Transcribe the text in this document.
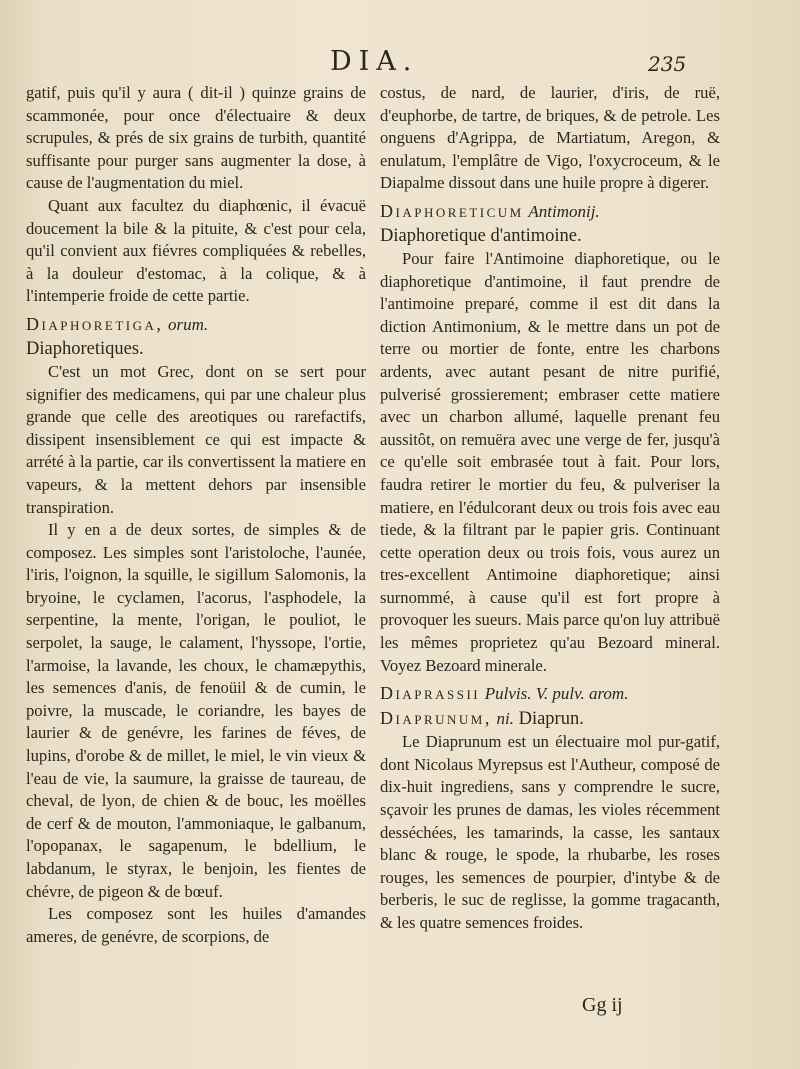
DIA.	235

gatif, puis qu'il y aura ( dit-il ) quinze grains de scammonée, pour once d'électuaire & deux scrupules, & prés de six grains de turbith, quantité suffisante pour purger sans augmenter la dose, à cause de l'augmentation du miel.

Quant aux facultez du diaphœnic, il évacuë doucement la bile & la pituite, & c'est pour cela, qu'il convient aux fiévres compliquées & rebelles, à la douleur d'estomac, à la colique, & à l'intemperie froide de cette partie.

Diaphoretiga, orum.

Diaphoretiques.

C'est un mot Grec, dont on se sert pour signifier des medicamens, qui par une chaleur plus grande que celle des areotiques ou rarefactifs, dissipent insensiblement ce qui est impacte & arrété à la partie, car ils convertissent la matiere en vapeurs, & la mettent dehors par insensible transpiration.

Il y en a de deux sortes, de simples & de composez. Les simples sont l'aristoloche, l'aunée, l'iris, l'oignon, la squille, le sigillum Salomonis, la bryoine, le cyclamen, l'acorus, l'asphodele, la serpentine, la mente, l'origan, le pouliot, le serpolet, la sauge, le calament, l'hyssope, l'ortie, l'armoise, la lavande, les choux, le chamæpythis, les semences d'anis, de fenoüil & de cumin, le poivre, la muscade, le coriandre, les bayes de laurier & de genévre, les farines de féves, de lupins, d'orobe & de millet, le miel, le vin vieux & l'eau de vie, la saumure, la graisse de taureau, de cheval, de lyon, de chien & de bouc, les moëlles de cerf & de mouton, l'ammoniaque, le galbanum, l'opopanax, le sagapenum, le bdellium, le labdanum, le styrax, le benjoin, les fientes de chévre, de pigeon & de bœuf.

Les composez sont les huiles d'amandes ameres, de genévre, de scorpions, de

costus, de nard, de laurier, d'iris, de ruë, d'euphorbe, de tartre, de briques, & de petrole. Les onguens d'Agrippa, de Martiatum, Aregon, & enulatum, l'emplâtre de Vigo, l'oxycroceum, & le Diapalme dissout dans une huile propre à digerer.

Diaphoreticum Antimonij.

Diaphoretique d'antimoine.

Pour faire l'Antimoine diaphoretique, ou le diaphoretique d'antimoine, il faut prendre de l'antimoine preparé, comme il est dit dans la diction Antimonium, & le mettre dans un pot de terre ou mortier de fonte, entre les charbons ardents, avec autant pesant de nitre purifié, pulverisé grossierement; embraser cette matiere avec un charbon allumé, laquelle prenant feu aussitôt, on remuëra avec une verge de fer, jusqu'à ce qu'elle soit embrasée tout à fait. Pour lors, faudra retirer le mortier du feu, & pulveriser la matiere, en l'édulcorant deux ou trois fois avec eau tiede, & la filtrant par le papier gris. Continuant cette operation deux ou trois fois, vous aurez un tres-excellent Antimoine diaphoretique; ainsi surnommé, à cause qu'il est fort propre à provoquer les sueurs. Mais parce qu'on luy attribuë les mêmes proprietez qu'au Bezoard mineral. Voyez Bezoard minerale.

Diaprassii Pulvis. V. pulv. arom.

Diaprunum, ni. Diaprun.

Le Diaprunum est un électuaire mol pur-gatif, dont Nicolaus Myrepsus est l'Autheur, composé de dix-huit ingrediens, sans y comprendre le sucre, sçavoir les prunes de damas, les violes récemment desséchées, les tamarinds, la casse, les santaux blanc & rouge, le spode, la rhubarbe, les roses rouges, les semences de pourpier, d'intybe & de berberis, le suc de reglisse, la gomme tragacanth, & les quatre semences froides.

Gg ij
